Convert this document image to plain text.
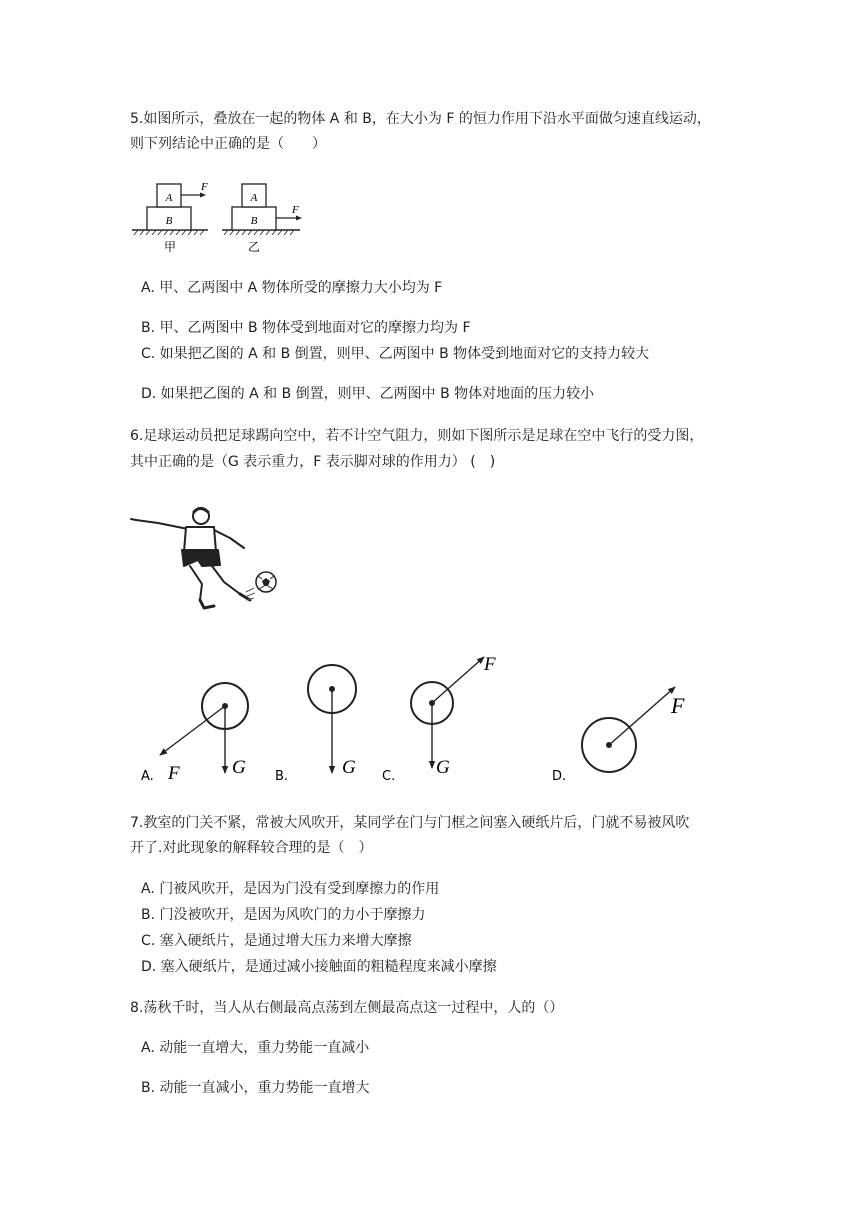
5.如图所示，叠放在一起的物体 A 和 B，在大小为 F 的恒力作用下沿水平面做匀速直线运动，
则下列结论中正确的是（　　）
B
A
F
甲
B
A
F
乙
A. 甲、乙两图中 A 物体所受的摩擦力大小均为 F
B. 甲、乙两图中 B 物体受到地面对它的摩擦力均为 F
C. 如果把乙图的 A 和 B 倒置，则甲、乙两图中 B 物体受到地面对它的支持力较大
D. 如果把乙图的 A 和 B 倒置，则甲、乙两图中 B 物体对地面的压力较小
6.足球运动员把足球踢向空中，若不计空气阻力，则如下图所示是足球在空中飞行的受力图，
其中正确的是（G 表示重力，F 表示脚对球的作用力） (　)
F	G
A.	G
B.
F
G
C.
F
D.
7.教室的门关不紧，常被大风吹开，某同学在门与门框之间塞入硬纸片后，门就不易被风吹
开了.对此现象的解释较合理的是（　）
A. 门被风吹开，是因为门没有受到摩擦力的作用
B. 门没被吹开，是因为风吹门的力小于摩擦力
C. 塞入硬纸片，是通过增大压力来增大摩擦
D. 塞入硬纸片，是通过减小接触面的粗糙程度来减小摩擦
8.荡秋千时，当人从右侧最高点荡到左侧最高点这一过程中，人的（）
A. 动能一直增大，重力势能一直减小
B. 动能一直减小，重力势能一直增大
